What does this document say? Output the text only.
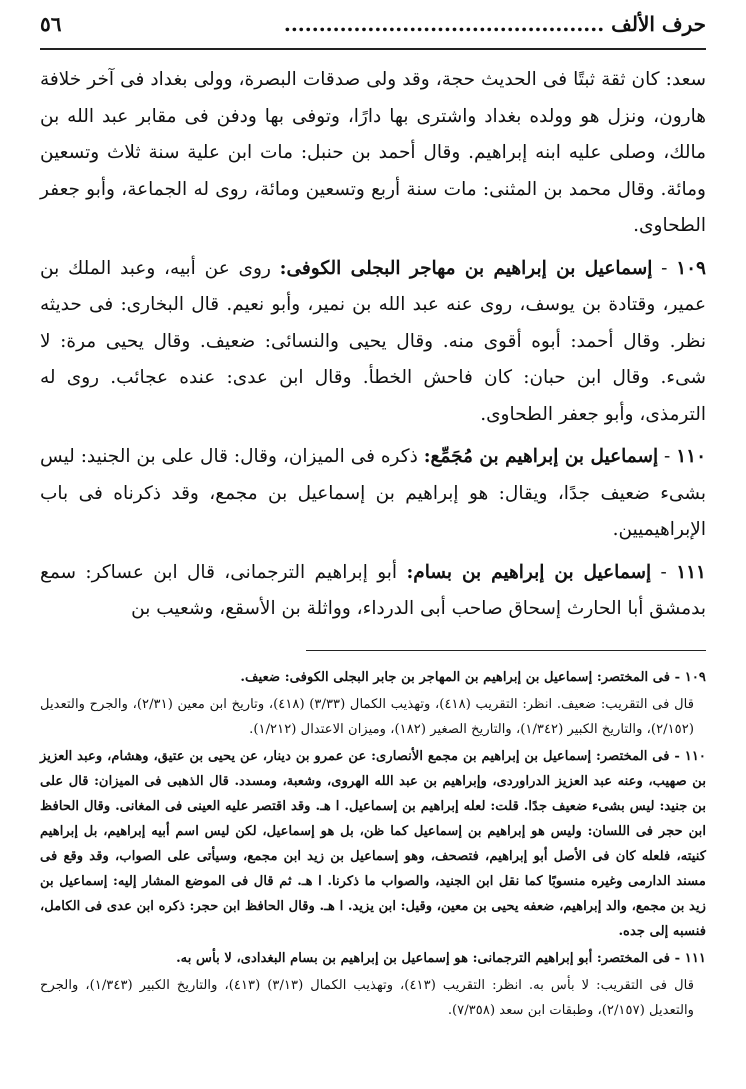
حرف الألف ..............................................
٥٦

سعد: كان ثقة ثبتًا فى الحديث حجة، وقد ولى صدقات البصرة، وولى بغداد فى آخر خلافة هارون، ونزل هو وولده بغداد واشترى بها دارًا، وتوفى بها ودفن فى مقابر عبد الله بن مالك، وصلى عليه ابنه إبراهيم. وقال أحمد بن حنبل: مات ابن علية سنة ثلاث وتسعين ومائة. وقال محمد بن المثنى: مات سنة أربع وتسعين ومائة، روى له الجماعة، وأبو جعفر الطحاوى.

١٠٩ - إسماعيل بن إبراهيم بن مهاجر البجلى الكوفى: روى عن أبيه، وعبد الملك بن عمير، وقتادة بن يوسف، روى عنه عبد الله بن نمير، وأبو نعيم. قال البخارى: فى حديثه نظر. وقال أحمد: أبوه أقوى منه. وقال يحيى والنسائى: ضعيف. وقال يحيى مرة: لا شىء. وقال ابن حبان: كان فاحش الخطأ. وقال ابن عدى: عنده عجائب. روى له الترمذى، وأبو جعفر الطحاوى.

١١٠ - إسماعيل بن إبراهيم بن مُجَمِّع: ذكره فى الميزان، وقال: قال على بن الجنيد: ليس بشىء ضعيف جدًا، ويقال: هو إبراهيم بن إسماعيل بن مجمع، وقد ذكرناه فى باب الإبراهيميين.

١١١ - إسماعيل بن إبراهيم بن بسام: أبو إبراهيم الترجمانى، قال ابن عساكر: سمع بدمشق أبا الحارث إسحاق صاحب أبى الدرداء، وواثلة بن الأسقع، وشعيب بن

١٠٩ - فى المختصر: إسماعيل بن إبراهيم بن المهاجر بن جابر البجلى الكوفى: ضعيف.

قال فى التقريب: ضعيف. انظر: التقريب (٤١٨)، وتهذيب الكمال (٣/٣٣) (٤١٨)، وتاريخ ابن معين (٢/٣١)، والجرح والتعديل (٢/١٥٢)، والتاريخ الكبير (١/٣٤٢)، والتاريخ الصغير (١٨٢)، وميزان الاعتدال (١/٢١٢).

١١٠ - فى المختصر: إسماعيل بن إبراهيم بن مجمع الأنصارى: عن عمرو بن دينار، عن يحيى بن عتيق، وهشام، وعبد العزيز بن صهيب، وعنه عبد العزيز الدراوردى، وإبراهيم بن عبد الله الهروى، وشعبة، ومسدد. قال الذهبى فى الميزان: قال على بن جنيد: ليس بشىء ضعيف جدًا. قلت: لعله إبراهيم بن إسماعيل. ا هـ. وقد اقتصر عليه العينى فى المغانى. وقال الحافظ ابن حجر فى اللسان: وليس هو إبراهيم بن إسماعيل كما ظن، بل هو إسماعيل، لكن ليس اسم أبيه إبراهيم، بل إبراهيم كنيته، فلعله كان فى الأصل أبو إبراهيم، فتصحف، وهو إسماعيل بن زيد ابن مجمع، وسيأتى على الصواب، وقد وقع فى مسند الدارمى وغيره منسوبًا كما نقل ابن الجنيد، والصواب ما ذكرنا. ا هـ. ثم قال فى الموضع المشار إليه: إسماعيل بن زيد بن مجمع، والد إبراهيم، ضعفه يحيى بن معين، وقيل: ابن يزيد. ا هـ. وقال الحافظ ابن حجر: ذكره ابن عدى فى الكامل، فنسبه إلى جده.

١١١ - فى المختصر: أبو إبراهيم الترجمانى: هو إسماعيل بن إبراهيم بن بسام البغدادى، لا بأس به.

قال فى التقريب: لا بأس به. انظر: التقريب (٤١٣)، وتهذيب الكمال (٣/١٣) (٤١٣)، والتاريخ الكبير (١/٣٤٣)، والجرح والتعديل (٢/١٥٧)، وطبقات ابن سعد (٧/٣٥٨).
